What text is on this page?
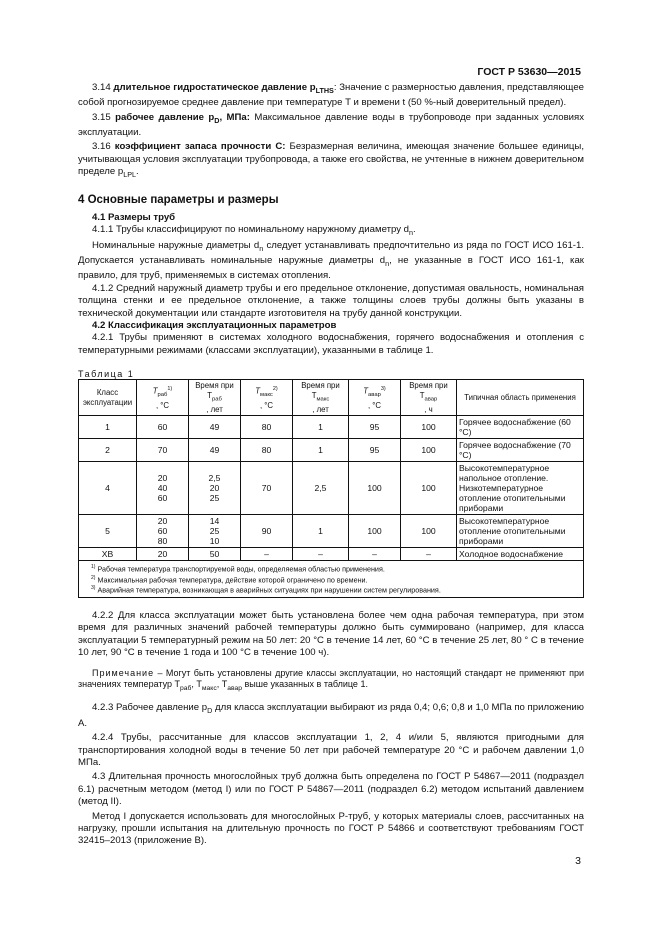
ГОСТ Р 53630—2015

3.14 длительное гидростатическое давление $p_{LTHS}$: Значение с размерностью давления, представляющее собой прогнозируемое среднее давление при температуре T и времени t (50 %-ный доверительный предел).

3.15 рабочее давление $p_D$, МПа: Максимальное давление воды в трубопроводе при заданных условиях эксплуатации.

3.16 коэффициент запаса прочности C: Безразмерная величина, имеющая значение большее единицы, учитывающая условия эксплуатации трубопровода, а также его свойства, не учтенные в нижнем доверительном пределе $p_{LPL}$.

4 Основные параметры и размеры

4.1 Размеры труб

4.1.1 Трубы классифицируют по номинальному наружному диаметру $d_n$.

Номинальные наружные диаметры $d_n$ следует устанавливать предпочтительно из ряда по ГОСТ ИСО 161-1. Допускается устанавливать номинальные наружные диаметры $d_n$, не указанные в ГОСТ ИСО 161-1, как правило, для труб, применяемых в системах отопления.

4.1.2 Средний наружный диаметр трубы и его предельное отклонение, допустимая овальность, номинальная толщина стенки и ее предельное отклонение, а также толщины слоев трубы должны быть указаны в технической документации или стандарте изготовителя на трубу данной конструкции.

4.2 Классификация эксплуатационных параметров

4.2.1 Трубы применяют в системах холодного водоснабжения, горячего водоснабжения и отопления с температурными режимами (классами эксплуатации), указанными в таблице 1.

Таблица 1
Класс эксплуатации	$T_{раб}^{1)}$
, °C	Время при $T_{раб}$
, лет	$T_{макс}^{2)}$
, °C	Время при $T_{макс}$
, лет	$T_{авар}^{3)}$
, °C	Время при $T_{авар}$
, ч	Типичная область применения
1	60	49	80	1	95	100	Горячее водоснабжение (60 °C)
2	70	49	80	1	95	100	Горячее водоснабжение (70 °C)
4	20
40
60	2,5
20
25	70	2,5	100	100	Высокотемпературное напольное отопление. Низкотемпературное отопление отопительными приборами
5	20
60
80	14
25
10	90	1	100	100	Высокотемпературное отопление отопительными приборами
ХВ	20	50	–	–	–	–	Холодное водоснабжение
$^{1)}$ Рабочая температура транспортируемой воды, определяемая областью применения.
$^{2)}$ Максимальная рабочая температура, действие которой ограничено по времени.
$^{3)}$ Аварийная температура, возникающая в аварийных ситуациях при нарушении систем регулирования.

4.2.2 Для класса эксплуатации может быть установлена более чем одна рабочая температура, при этом время для различных значений рабочей температуры должно быть суммировано (например, для класса эксплуатации 5 температурный режим на 50 лет: 20 °С в течение 14 лет, 60 °С в течение 25 лет, 80 ° С в течение 10 лет, 90 °С в течение 1 года и 100 °С в течение 100 ч).

Примечание – Могут быть установлены другие классы эксплуатации, но настоящий стандарт не применяют при значениях температур $T_{раб}$, $T_{макс}$, $T_{авар}$ выше указанных в таблице 1.

4.2.3 Рабочее давление $p_D$ для класса эксплуатации выбирают из ряда 0,4; 0,6; 0,8 и 1,0 МПа по приложению А.

4.2.4 Трубы, рассчитанные для классов эксплуатации 1, 2, 4 и/или 5, являются пригодными для транспортирования холодной воды в течение 50 лет при рабочей температуре 20 °С и рабочем давлении 1,0 МПа.

4.3 Длительная прочность многослойных труб должна быть определена по ГОСТ Р 54867—2011 (подраздел 6.1) расчетным методом (метод I) или по ГОСТ Р 54867—2011 (подраздел 6.2) методом испытаний давлением (метод II).

Метод I допускается использовать для многослойных Р-труб, у которых материалы слоев, рассчитанных на нагрузку, прошли испытания на длительную прочность по ГОСТ Р 54866 и соответствуют требованиям ГОСТ 32415–2013 (приложение В).

3
